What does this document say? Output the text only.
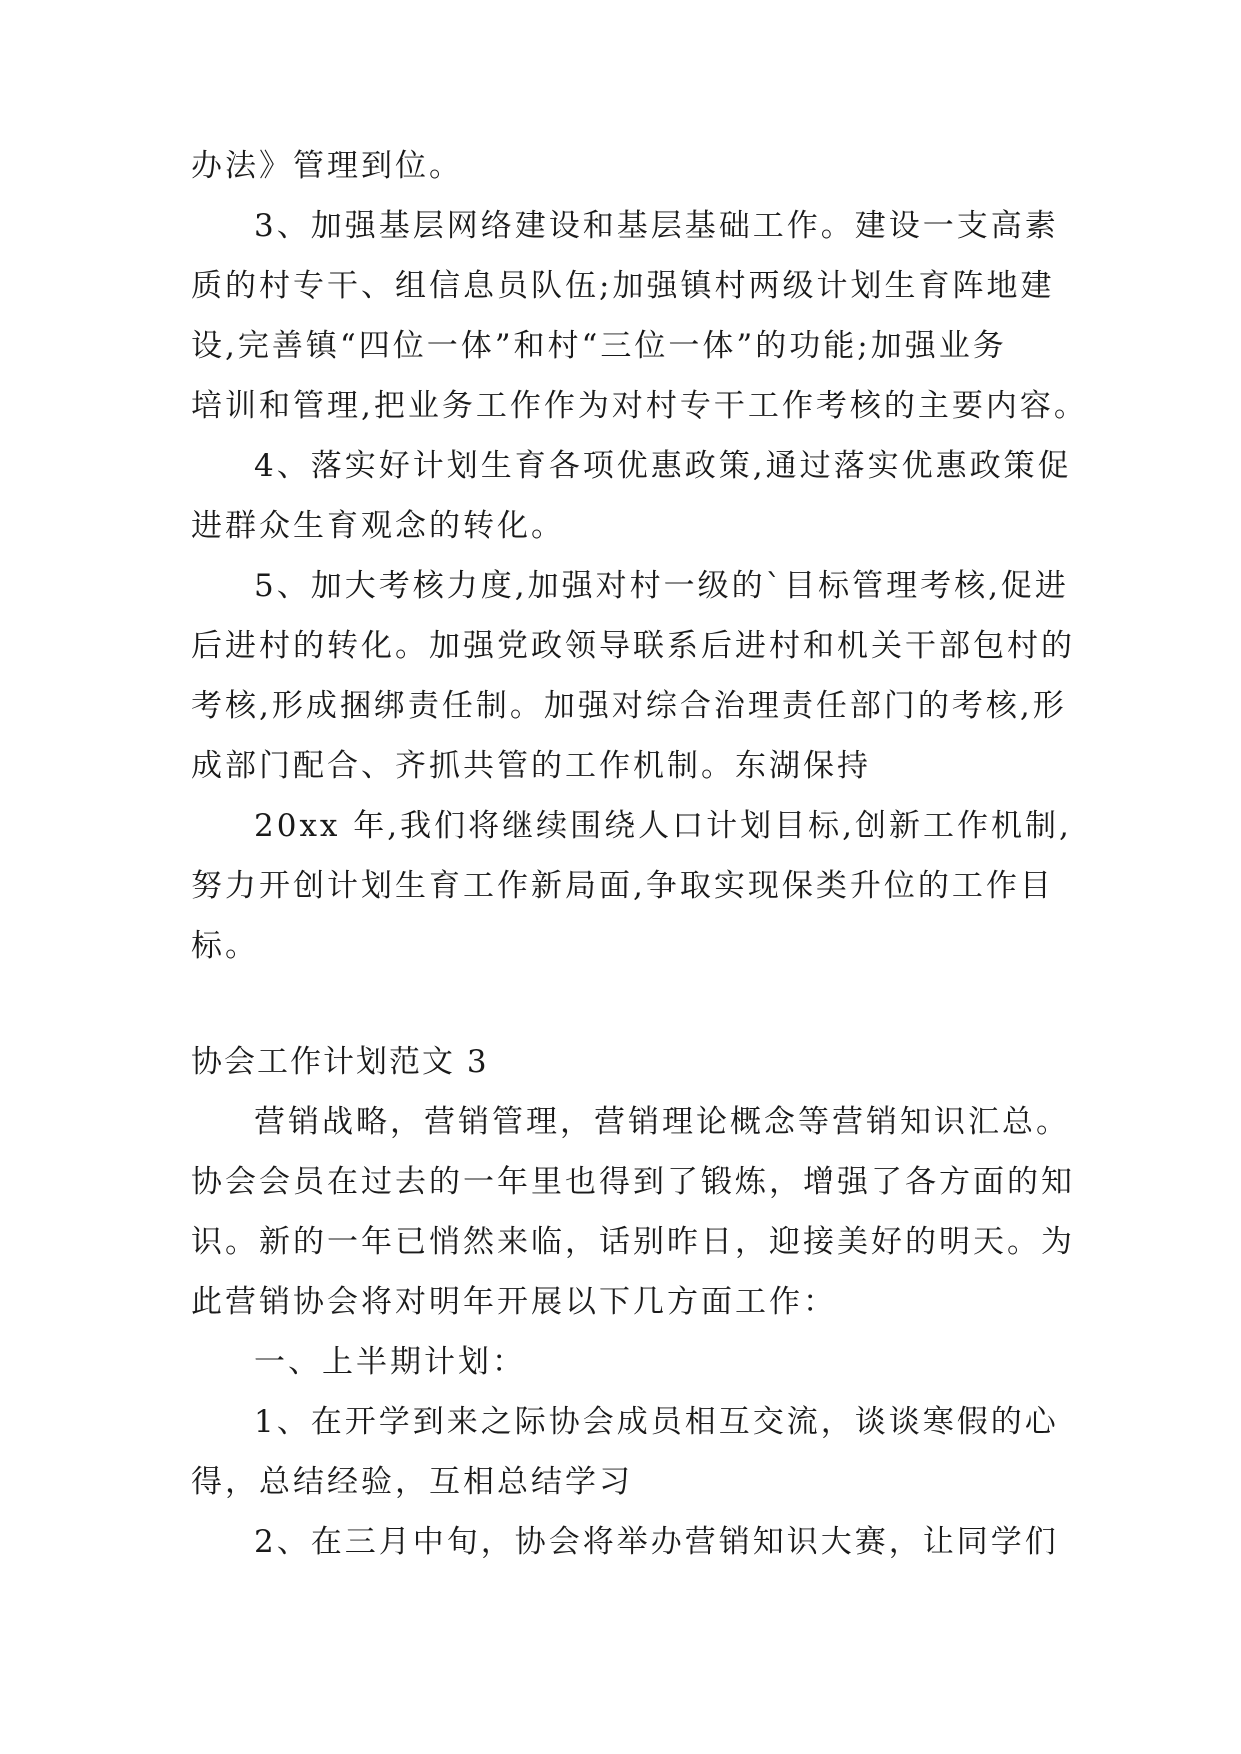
办法》管理到位。
3、加强基层网络建设和基层基础工作。建设一支高素
质的村专干、组信息员队伍;加强镇村两级计划生育阵地建
设,完善镇“四位一体”和村“三位一体”的功能;加强业务
培训和管理,把业务工作作为对村专干工作考核的主要内容。
4、落实好计划生育各项优惠政策,通过落实优惠政策促
进群众生育观念的转化。
5、加大考核力度,加强对村一级的`目标管理考核,促进
后进村的转化。加强党政领导联系后进村和机关干部包村的
考核,形成捆绑责任制。加强对综合治理责任部门的考核,形
成部门配合、齐抓共管的工作机制。东湖保持
20xx 年,我们将继续围绕人口计划目标,创新工作机制,
努力开创计划生育工作新局面,争取实现保类升位的工作目
标。
协会工作计划范文 3
营销战略，营销管理，营销理论概念等营销知识汇总。
协会会员在过去的一年里也得到了锻炼，增强了各方面的知
识。新的一年已悄然来临，话别昨日，迎接美好的明天。为
此营销协会将对明年开展以下几方面工作：
一、上半期计划：
1、在开学到来之际协会成员相互交流，谈谈寒假的心
得，总结经验，互相总结学习
2、在三月中旬，协会将举办营销知识大赛，让同学们
